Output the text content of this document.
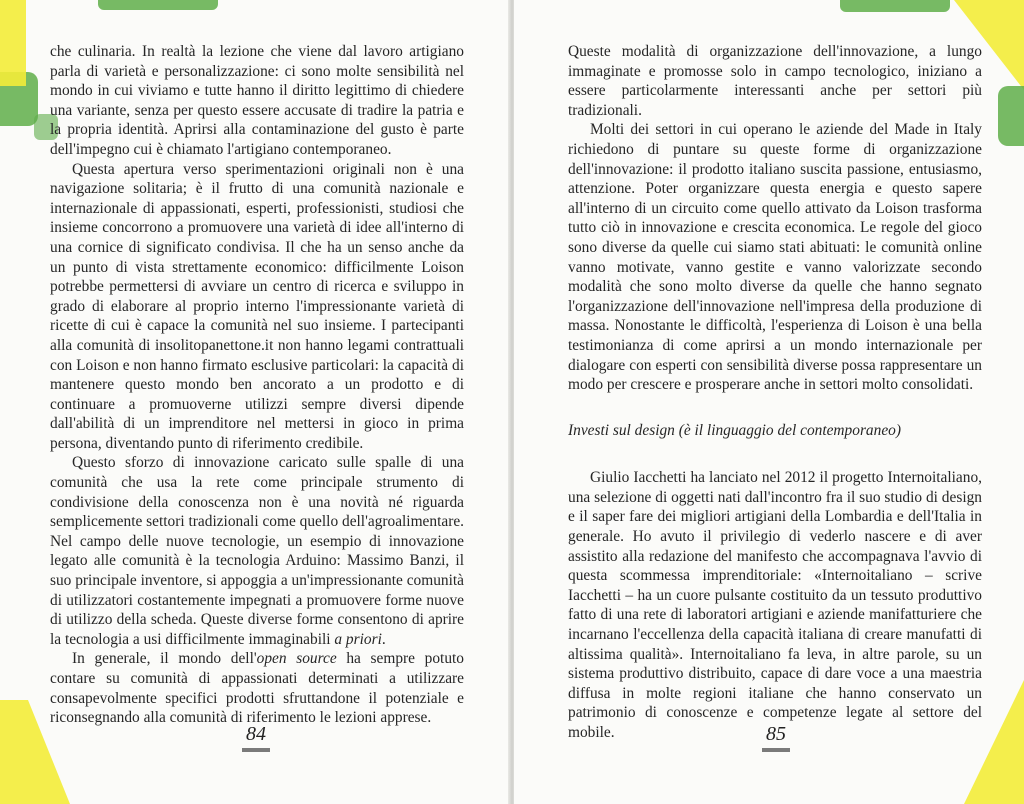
che culinaria. In realtà la lezione che viene dal lavoro artigiano parla di varietà e personalizzazione: ci sono molte sensibilità nel mondo in cui viviamo e tutte hanno il diritto legittimo di chiedere una variante, senza per questo essere accusate di tradire la patria e la propria identità. Aprirsi alla contaminazione del gusto è parte dell'impegno cui è chiamato l'artigiano contemporaneo.

Questa apertura verso sperimentazioni originali non è una navigazione solitaria; è il frutto di una comunità nazionale e internazionale di appassionati, esperti, professionisti, studiosi che insieme concorrono a promuovere una varietà di idee all'interno di una cornice di significato condivisa. Il che ha un senso anche da un punto di vista strettamente economico: difficilmente Loison potrebbe permettersi di avviare un centro di ricerca e sviluppo in grado di elaborare al proprio interno l'impressionante varietà di ricette di cui è capace la comunità nel suo insieme. I partecipanti alla comunità di insolitopanettone.it non hanno legami contrattuali con Loison e non hanno firmato esclusive particolari: la capacità di mantenere questo mondo ben ancorato a un prodotto e di continuare a promuoverne utilizzi sempre diversi dipende dall'abilità di un imprenditore nel mettersi in gioco in prima persona, diventando punto di riferimento credibile.

Questo sforzo di innovazione caricato sulle spalle di una comunità che usa la rete come principale strumento di condivisione della conoscenza non è una novità né riguarda semplicemente settori tradizionali come quello dell'agroalimentare. Nel campo delle nuove tecnologie, un esempio di innovazione legato alle comunità è la tecnologia Arduino: Massimo Banzi, il suo principale inventore, si appoggia a un'impressionante comunità di utilizzatori costantemente impegnati a promuovere forme nuove di utilizzo della scheda. Queste diverse forme consentono di aprire la tecnologia a usi difficilmente immaginabili a priori.

In generale, il mondo dell'open source ha sempre potuto contare su comunità di appassionati determinati a utilizzare consapevolmente specifici prodotti sfruttandone il potenziale e riconsegnando alla comunità di riferimento le lezioni apprese.

84

Queste modalità di organizzazione dell'innovazione, a lungo immaginate e promosse solo in campo tecnologico, iniziano a essere particolarmente interessanti anche per settori più tradizionali.

Molti dei settori in cui operano le aziende del Made in Italy richiedono di puntare su queste forme di organizzazione dell'innovazione: il prodotto italiano suscita passione, entusiasmo, attenzione. Poter organizzare questa energia e questo sapere all'interno di un circuito come quello attivato da Loison trasforma tutto ciò in innovazione e crescita economica. Le regole del gioco sono diverse da quelle cui siamo stati abituati: le comunità online vanno motivate, vanno gestite e vanno valorizzate secondo modalità che sono molto diverse da quelle che hanno segnato l'organizzazione dell'innovazione nell'impresa della produzione di massa. Nonostante le difficoltà, l'esperienza di Loison è una bella testimonianza di come aprirsi a un mondo internazionale per dialogare con esperti con sensibilità diverse possa rappresentare un modo per crescere e prosperare anche in settori molto consolidati.

Investi sul design (è il linguaggio del contemporaneo)

Giulio Iacchetti ha lanciato nel 2012 il progetto Internoitaliano, una selezione di oggetti nati dall'incontro fra il suo studio di design e il saper fare dei migliori artigiani della Lombardia e dell'Italia in generale. Ho avuto il privilegio di vederlo nascere e di aver assistito alla redazione del manifesto che accompagnava l'avvio di questa scommessa imprenditoriale: «Internoitaliano – scrive Iacchetti – ha un cuore pulsante costituito da un tessuto produttivo fatto di una rete di laboratori artigiani e aziende manifatturiere che incarnano l'eccellenza della capacità italiana di creare manufatti di altissima qualità». Internoitaliano fa leva, in altre parole, su un sistema produttivo distribuito, capace di dare voce a una maestria diffusa in molte regioni italiane che hanno conservato un patrimonio di conoscenze e competenze legate al settore del mobile.	85
